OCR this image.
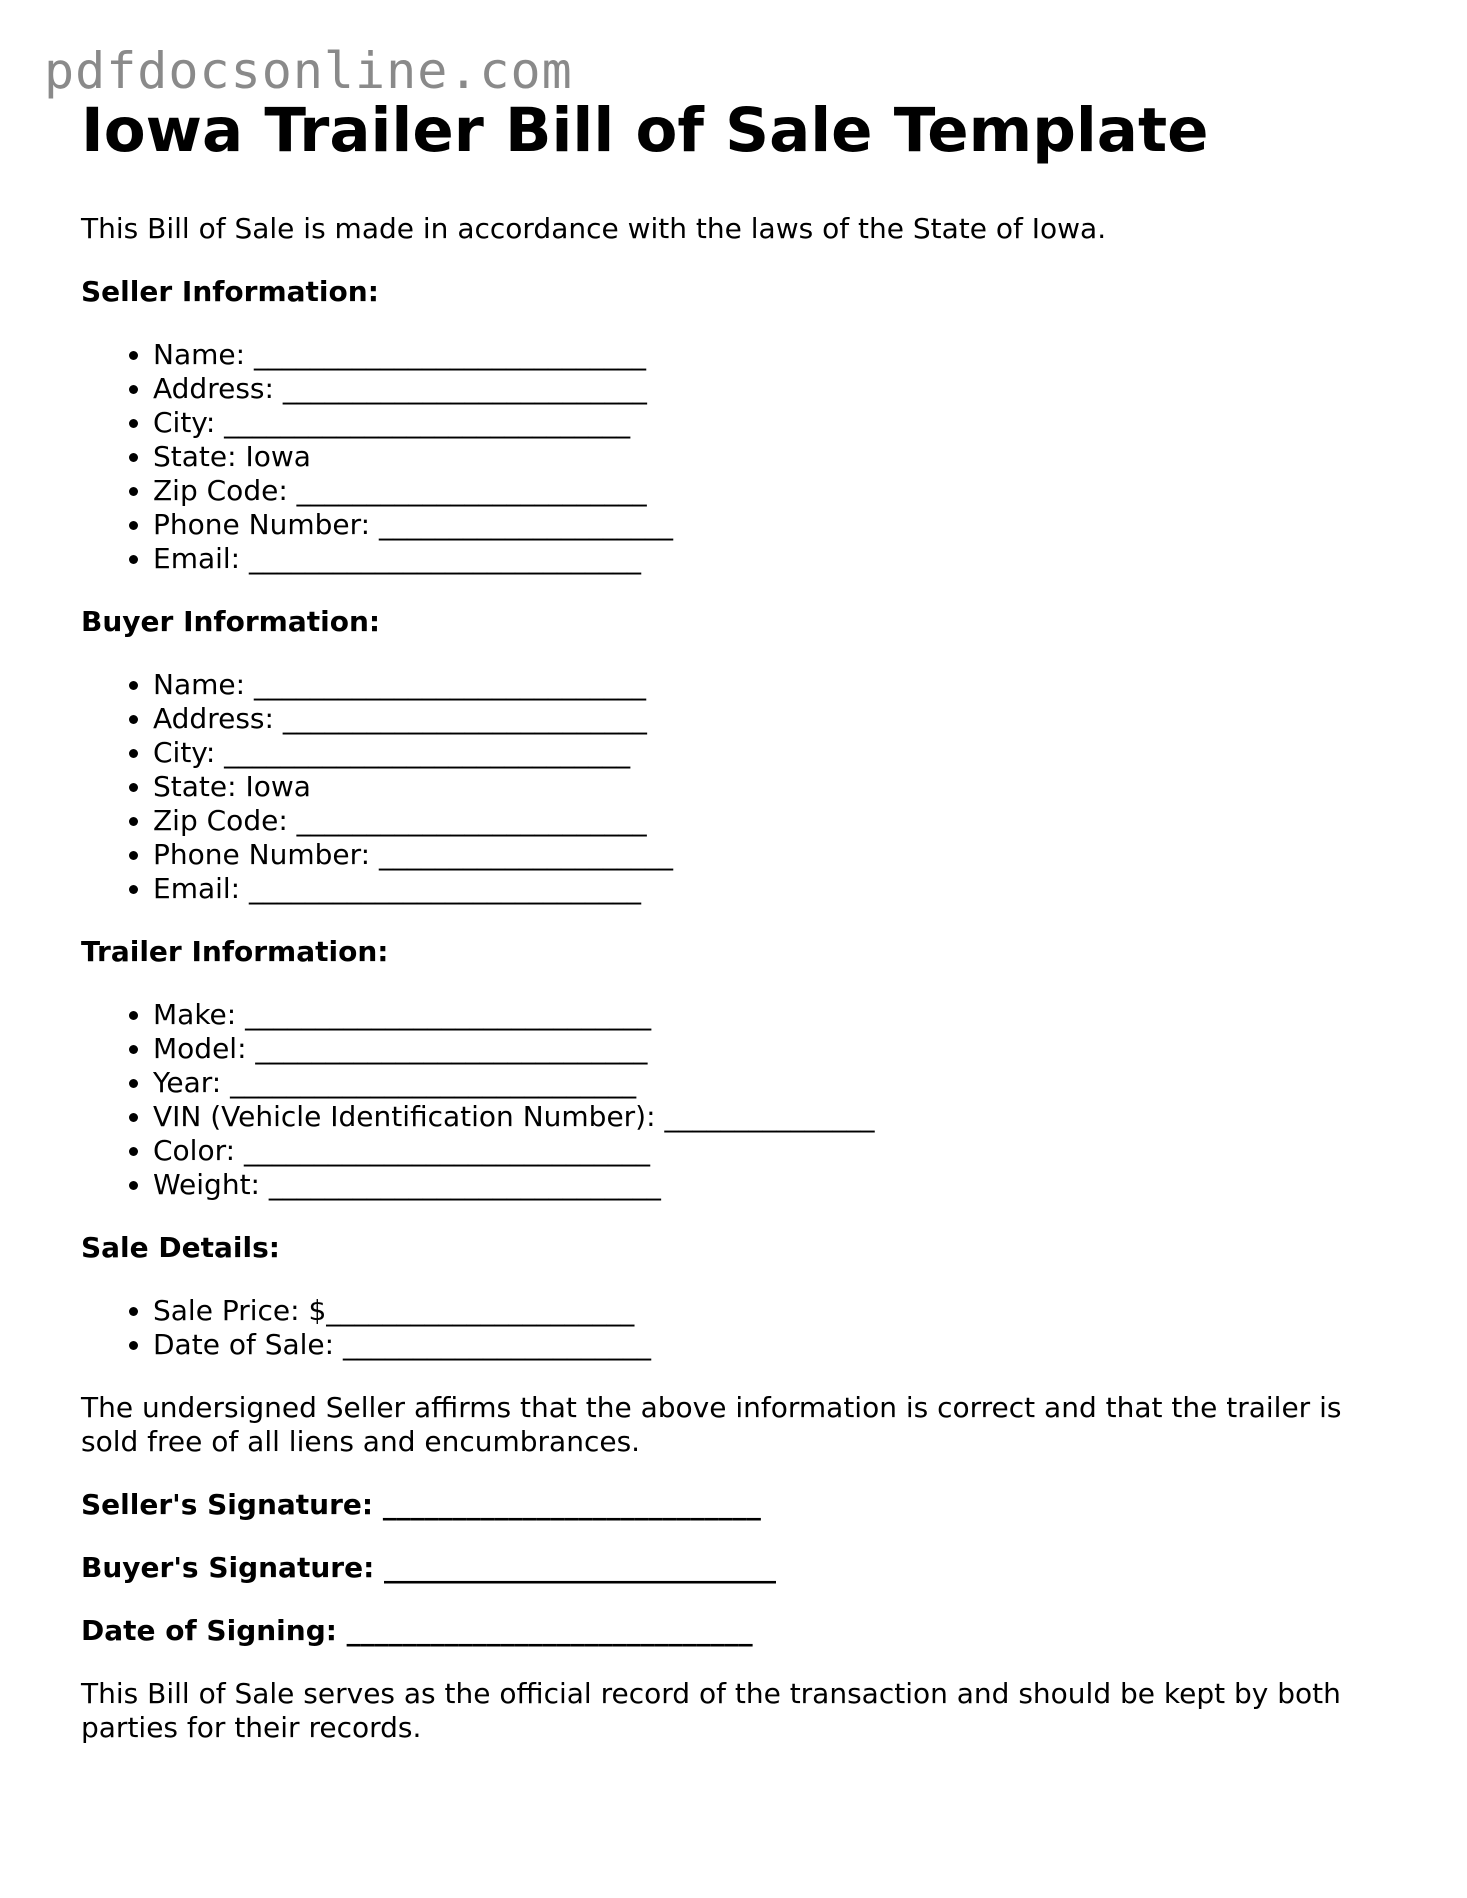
pdfdocsonline.com
Iowa Trailer Bill of Sale Template

This Bill of Sale is made in accordance with the laws of the State of Iowa.

Seller Information:
• Name: ____________________________
• Address: __________________________
• City: _____________________________
• State: Iowa
• Zip Code: _________________________
• Phone Number: _____________________
• Email: ____________________________
Buyer Information:
• Name: ____________________________
• Address: __________________________
• City: _____________________________
• State: Iowa
• Zip Code: _________________________
• Phone Number: _____________________
• Email: ____________________________
Trailer Information:
• Make: _____________________________
• Model: ____________________________
• Year: _____________________________
• VIN (Vehicle Identification Number): _______________
• Color: _____________________________
• Weight: ____________________________
Sale Details:
• Sale Price: $______________________
• Date of Sale: ______________________

The undersigned Seller affirms that the above information is correct and that the trailer is sold free of all liens and encumbrances.

Seller's Signature: ___________________________
Buyer's Signature: ____________________________
Date of Signing: _____________________________

This Bill of Sale serves as the official record of the transaction and should be kept by both parties for their records.
